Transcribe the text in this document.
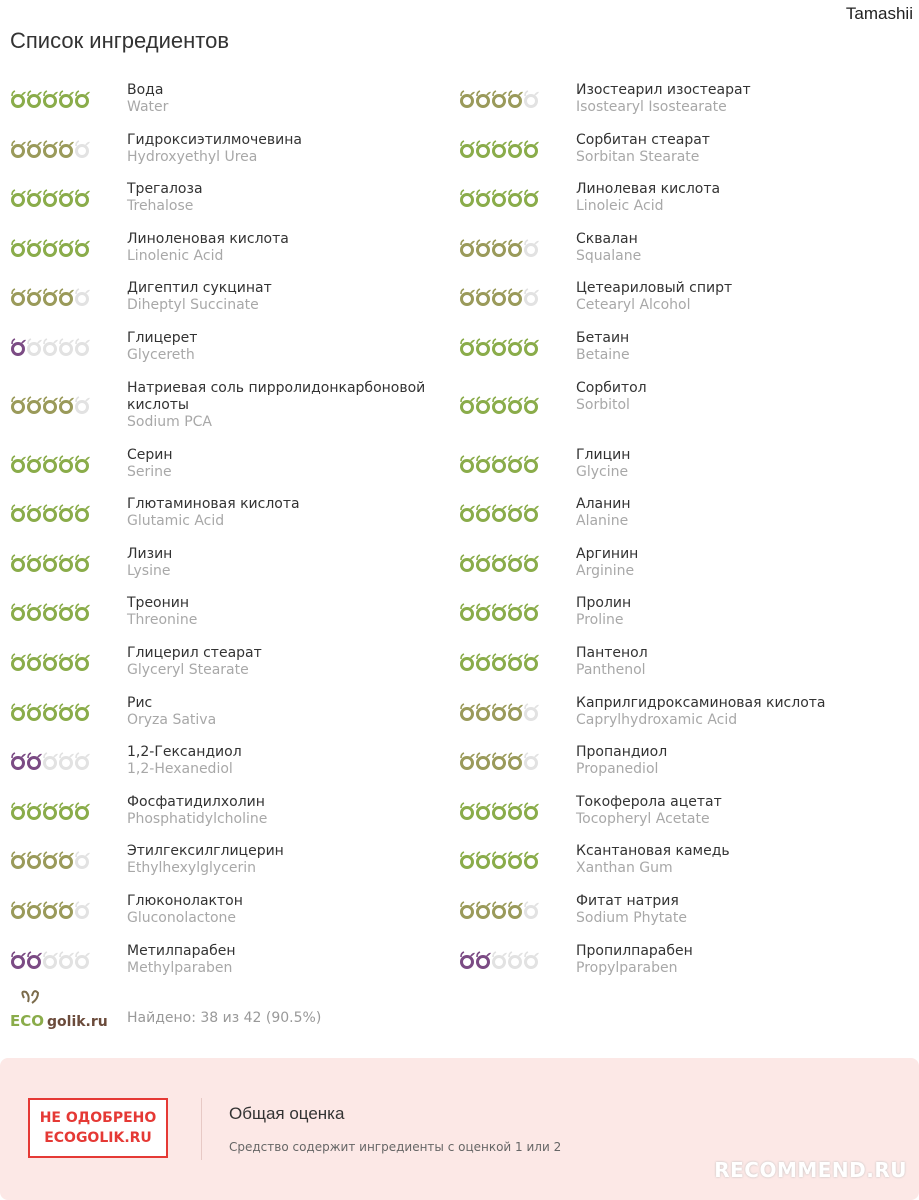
Tamashii
Список ингредиентов
Вода
Water
Гидроксиэтилмочевина
Hydroxyethyl Urea
Трегалоза
Trehalose
Линоленовая кислота
Linolenic Acid
Дигептил сукцинат
Diheptyl Succinate
Глицерет
Glycereth
Натриевая соль пирролидонкарбоновой кислоты
Sodium PCA
Серин
Serine
Глютаминовая кислота
Glutamic Acid
Лизин
Lysine
Треонин
Threonine
Глицерил стеарат
Glyceryl Stearate
Рис
Oryza Sativa
1,2-Гександиол
1,2-Hexanediol
Фосфатидилхолин
Phosphatidylcholine
Этилгексилглицерин
Ethylhexylglycerin
Глюконолактон
Gluconolactone
Метилпарабен
Methylparaben
Изостеарил изостеарат
Isostearyl Isostearate
Сорбитан стеарат
Sorbitan Stearate
Линолевая кислота
Linoleic Acid
Сквалан
Squalane
Цетеариловый спирт
Cetearyl Alcohol
Бетаин
Betaine
Сорбитол
Sorbitol
Глицин
Glycine
Аланин
Alanine
Аргинин
Arginine
Пролин
Proline
Пантенол
Panthenol
Каприлгидроксаминовая кислота
Caprylhydroxamic Acid
Пропандиол
Propanediol
Токоферола ацетат
Tocopheryl Acetate
Ксантановая камедь
Xanthan Gum
Фитат натрия
Sodium Phytate
Пропилпарабен
Propylparaben
ECO golik.ru Найдено: 38 из 42 (90.5%)
НЕ ОДОБРЕНО
ECOGOLIK.RU
Общая оценка
Средство содержит ингредиенты с оценкой 1 или 2
RECOMMEND.RU
